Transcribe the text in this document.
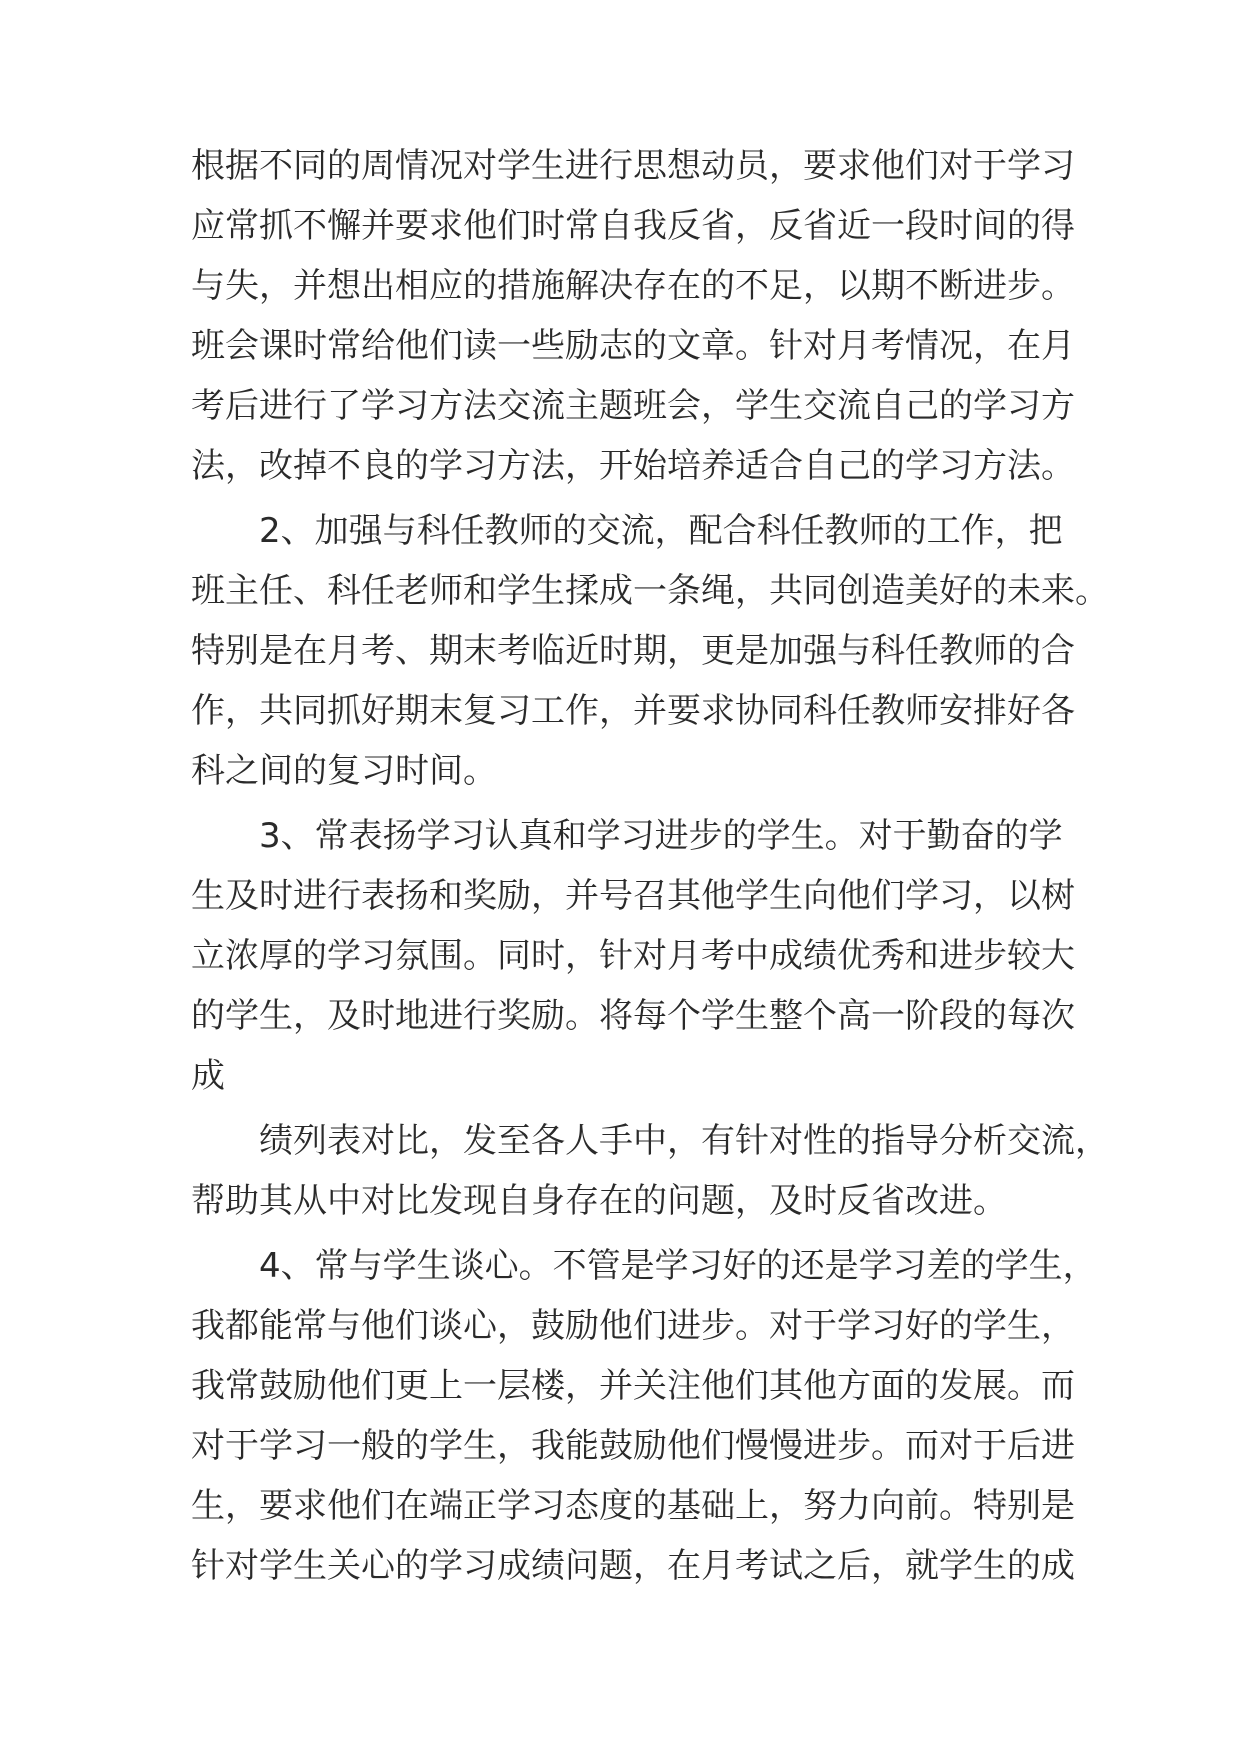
根据不同的周情况对学生进行思想动员，要求他们对于学习
应常抓不懈并要求他们时常自我反省，反省近一段时间的得
与失，并想出相应的措施解决存在的不足，以期不断进步。
班会课时常给他们读一些励志的文章。针对月考情况，在月
考后进行了学习方法交流主题班会，学生交流自己的学习方
法，改掉不良的学习方法，开始培养适合自己的学习方法。
2、加强与科任教师的交流，配合科任教师的工作，把
班主任、科任老师和学生揉成一条绳，共同创造美好的未来。
特别是在月考、期末考临近时期，更是加强与科任教师的合
作，共同抓好期末复习工作，并要求协同科任教师安排好各
科之间的复习时间。
3、常表扬学习认真和学习进步的学生。对于勤奋的学
生及时进行表扬和奖励，并号召其他学生向他们学习，以树
立浓厚的学习氛围。同时，针对月考中成绩优秀和进步较大
的学生，及时地进行奖励。将每个学生整个高一阶段的每次
成
绩列表对比，发至各人手中，有针对性的指导分析交流，
帮助其从中对比发现自身存在的问题，及时反省改进。
4、常与学生谈心。不管是学习好的还是学习差的学生，
我都能常与他们谈心，鼓励他们进步。对于学习好的学生，
我常鼓励他们更上一层楼，并关注他们其他方面的发展。而
对于学习一般的学生，我能鼓励他们慢慢进步。而对于后进
生，要求他们在端正学习态度的基础上，努力向前。特别是
针对学生关心的学习成绩问题，在月考试之后，就学生的成
